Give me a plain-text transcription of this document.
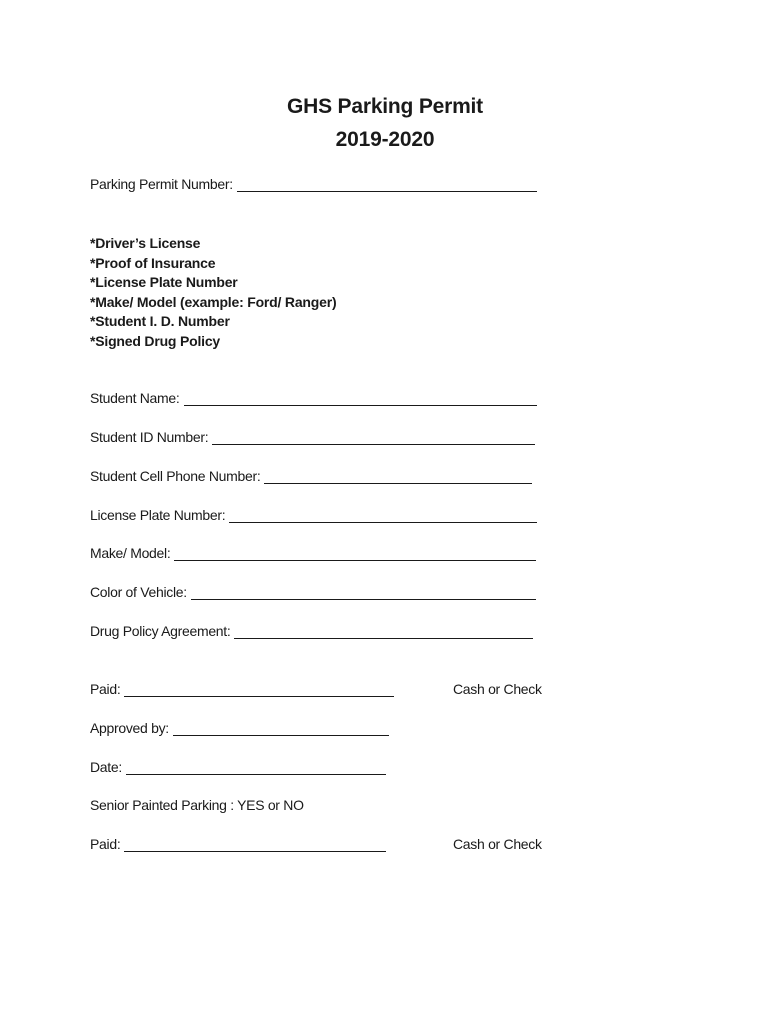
GHS Parking Permit
2019-2020
Parking Permit Number:
*Driver’s License
*Proof of Insurance
*License Plate Number
*Make/ Model (example: Ford/ Ranger)
*Student I. D. Number
*Signed Drug Policy
Student Name:
Student ID Number:
Student Cell Phone Number:
License Plate Number:
Make/ Model:
Color of Vehicle:
Drug Policy Agreement:
Paid:	Cash or Check
Approved by:
Date:
Senior Painted Parking : YES or NO
Paid:	Cash or Check
